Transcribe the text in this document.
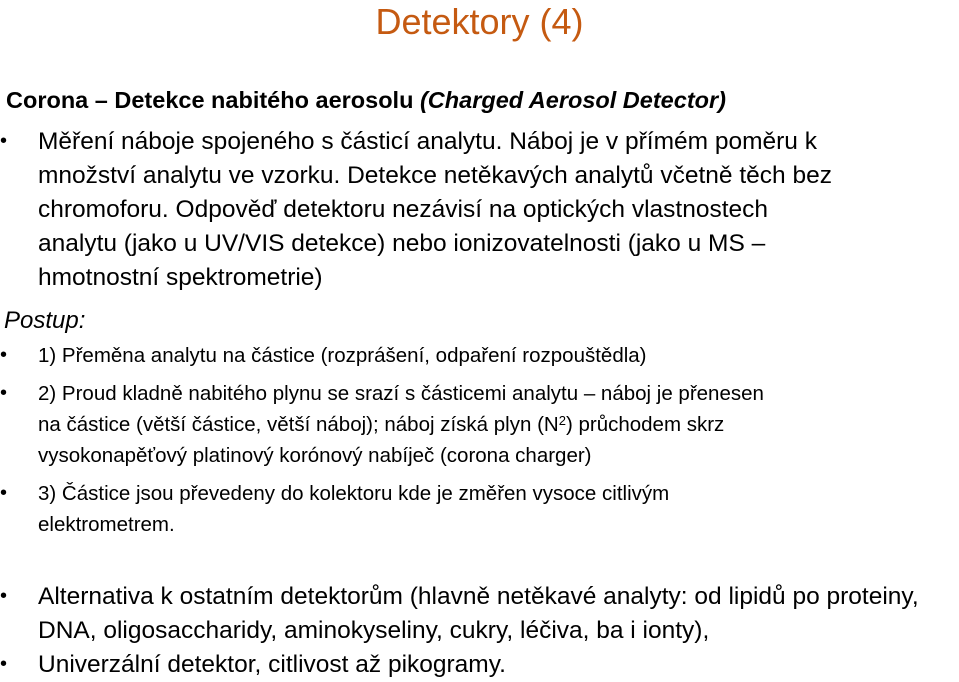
Detektory (4)
Corona – Detekce nabitého aerosolu (Charged Aerosol Detector)
• Měření náboje spojeného s částicí analytu. Náboj je v přímém poměru k
množství analytu ve vzorku. Detekce netěkavých analytů včetně těch bez
chromoforu. Odpověď detektoru nezávisí na optických vlastnostech
analytu (jako u UV/VIS detekce) nebo ionizovatelnosti (jako u MS –
hmotnostní spektrometrie)
Postup:
• 1) Přeměna analytu na částice (rozprášení, odpaření rozpouštědla)
• 2) Proud kladně nabitého plynu se srazí s částicemi analytu – náboj je přenesen
na částice (větší částice, větší náboj); náboj získá plyn $(N^2)$ průchodem skrz
vysokonapěťový platinový korónový nabíječ (corona charger)
• 3) Částice jsou převedeny do kolektoru kde je změřen vysoce citlivým
elektrometrem.
• Alternativa k ostatním detektorům (hlavně netěkavé analyty: od lipidů po proteiny,
DNA, oligosaccharidy, aminokyseliny, cukry, léčiva, ba i ionty),
• Univerzální detektor, citlivost až pikogramy.
